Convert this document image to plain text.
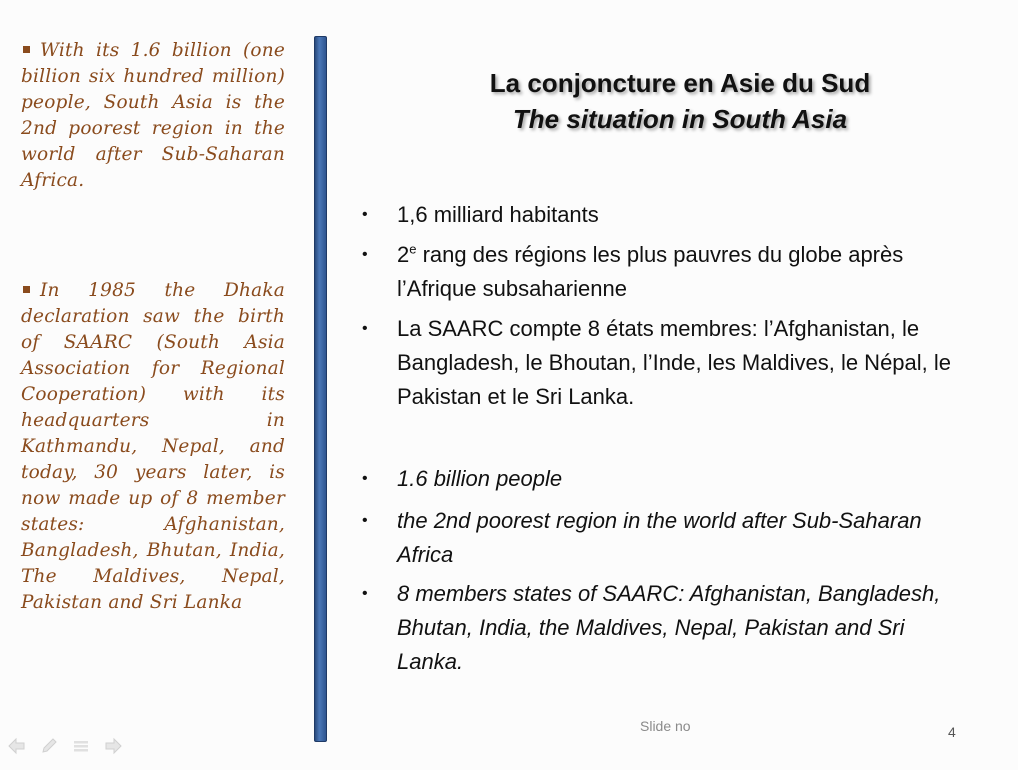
With its 1.6 billion (one billion six hundred million) people, South Asia is the 2nd poorest region in the world after Sub-Saharan Africa.
In 1985 the Dhaka declaration saw the birth of SAARC (South Asia Association for Regional Cooperation) with its headquarters in Kathmandu, Nepal, and today, 30 years later, is now made up of 8 member states: Afghanistan, Bangladesh, Bhutan, India, The Maldives, Nepal, Pakistan and Sri Lanka
La conjoncture en Asie du Sud
The situation in South Asia
• 1,6 milliard habitants
• 2e rang des régions les plus pauvres du globe après l’Afrique subsaharienne
• La SAARC compte 8 états membres: l’Afghanistan, le Bangladesh, le Bhoutan, l’Inde, les Maldives, le Népal, le Pakistan et le Sri Lanka.
• 1.6 billion people
• the 2nd poorest region in the world after Sub-Saharan Africa
• 8 members states of SAARC: Afghanistan, Bangladesh, Bhutan, India, the Maldives, Nepal, Pakistan and Sri Lanka.
Slide no	4
